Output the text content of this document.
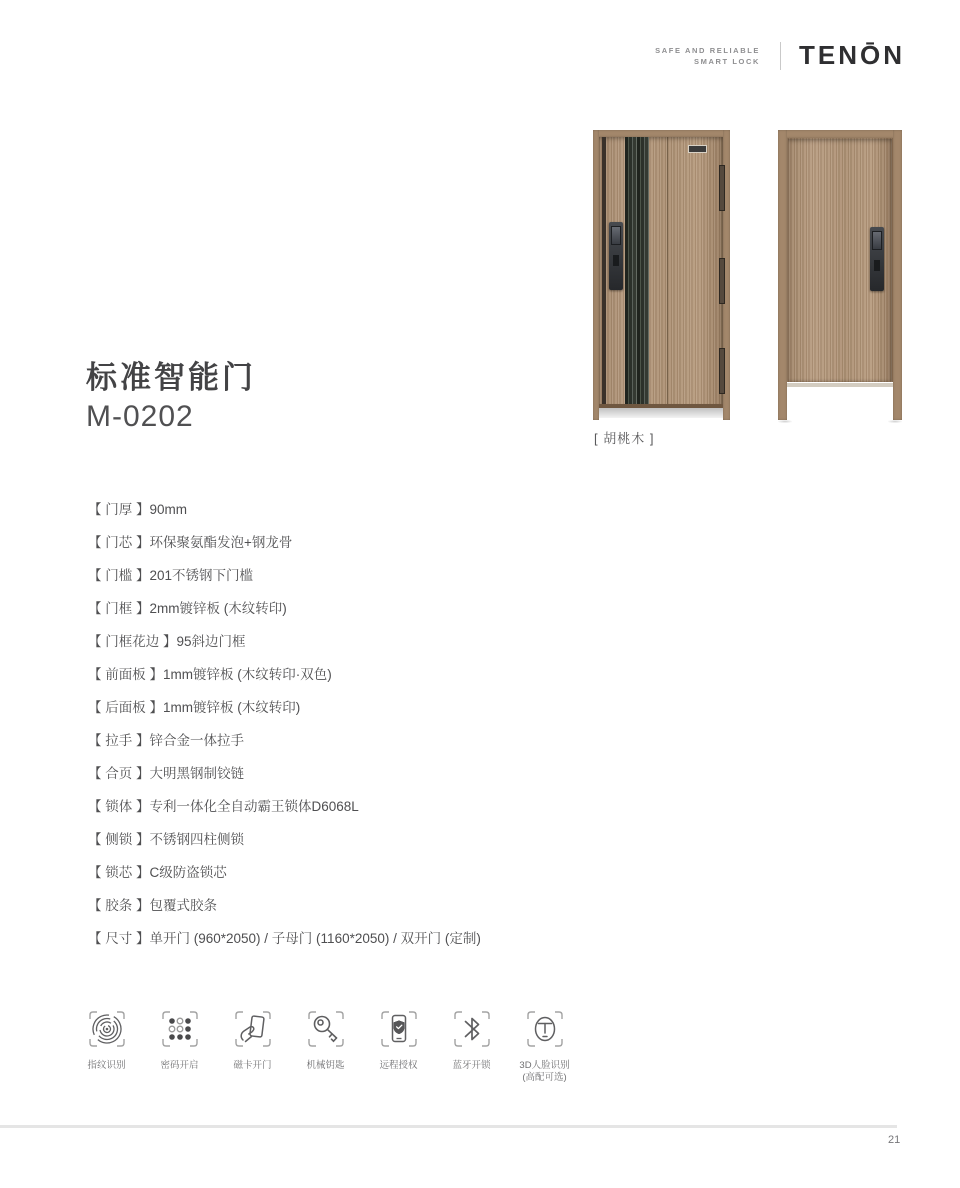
SAFE AND RELIABLE
SMART LOCK TENŌN
[ 胡桃木 ]
标准智能门
M-0202
【 门厚 】90mm
【 门芯 】环保聚氨酯发泡+钢龙骨
【 门槛 】201不锈钢下门槛
【 门框 】2mm镀锌板 (木纹转印)
【 门框花边 】95斜边门框
【 前面板 】1mm镀锌板 (木纹转印·双色)
【 后面板 】1mm镀锌板 (木纹转印)
【 拉手 】锌合金一体拉手
【 合页 】大明黑钢制铰链
【 锁体 】专利一体化全自动霸王锁体D6068L
【 侧锁 】不锈钢四柱侧锁
【 锁芯 】C级防盗锁芯
【 胶条 】包覆式胶条
【 尺寸 】单开门 (960*2050) / 子母门 (1160*2050) / 双开门 (定制)
指纹识别	密码开启	磁卡开门	机械钥匙	远程授权	蓝牙开锁	3D人脸识别
(高配可选)
21
